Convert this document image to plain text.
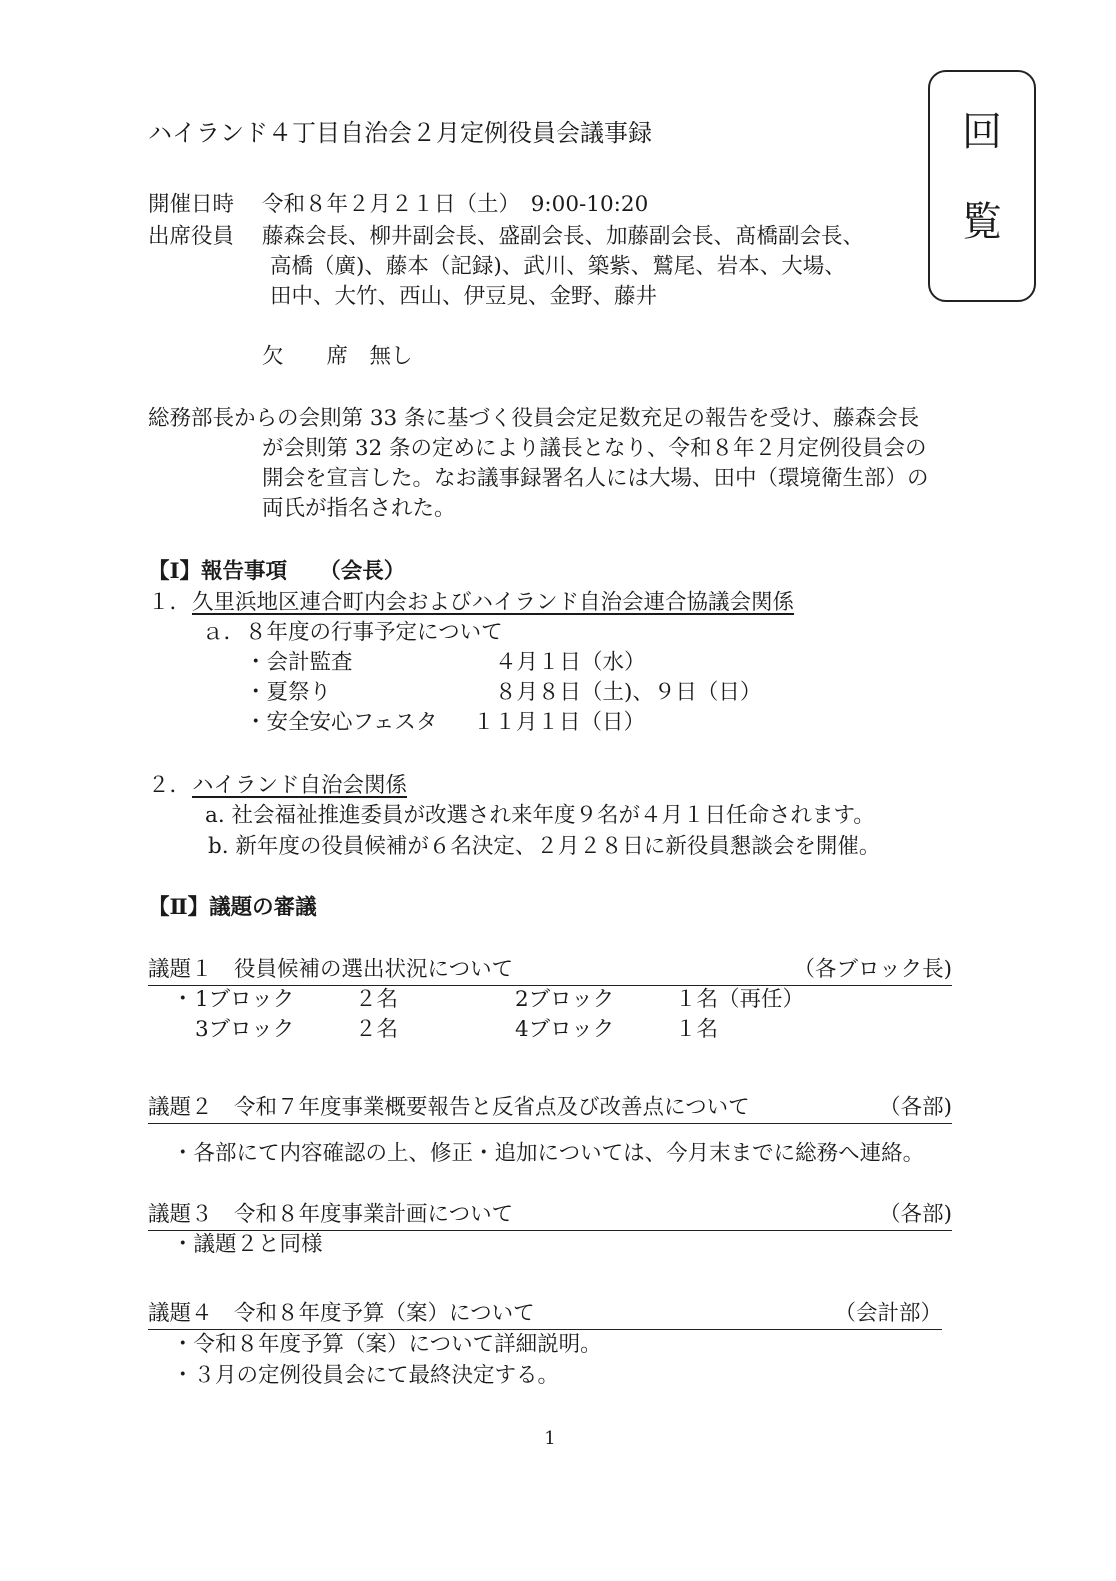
回
覧
ハイランド４丁目自治会２月定例役員会議事録
開催日時 令和８年２月２１日（土）　9:00-10:20
出席役員 藤森会長、柳井副会長、盛副会長、加藤副会長、髙橋副会長、
高橋（廣)、藤本（記録)、武川、築紫、鷲尾、岩本、大場、
田中、大竹、西山、伊豆見、金野、藤井
欠　　席　無し
総務部長からの会則第 33 条に基づく役員会定足数充足の報告を受け、藤森会長
が会則第 32 条の定めにより議長となり、令和８年２月定例役員会の
開会を宣言した。なお議事録署名人には大場、田中（環境衛生部）の
両氏が指名された。
【Ⅰ】報告事項　　（会長）
１． 久里浜地区連合町内会およびハイランド自治会連合協議会関係
ａ．８年度の行事予定について
・会計監査	４月１日（水）
・夏祭り	８月８日（土)、９日（日）
・安全安心フェスタ １１月１日（日）
２． ハイランド自治会関係
a. 社会福祉推進委員が改選され来年度９名が４月１日任命されます。
b. 新年度の役員候補が６名決定、２月２８日に新役員懇談会を開催。
【Ⅱ】議題の審議
議題１　役員候補の選出状況について	（各ブロック長)
・ 1ブロック	２名	2ブロック	１名（再任）
3ブロック	２名	4ブロック	１名
議題２　令和７年度事業概要報告と反省点及び改善点について	（各部)
・各部にて内容確認の上、修正・追加については、今月末までに総務へ連絡。
議題３　令和８年度事業計画について	（各部)
・議題２と同様
議題４　令和８年度予算（案）について	（会計部）
・令和８年度予算（案）について詳細説明。
・３月の定例役員会にて最終決定する。
1
